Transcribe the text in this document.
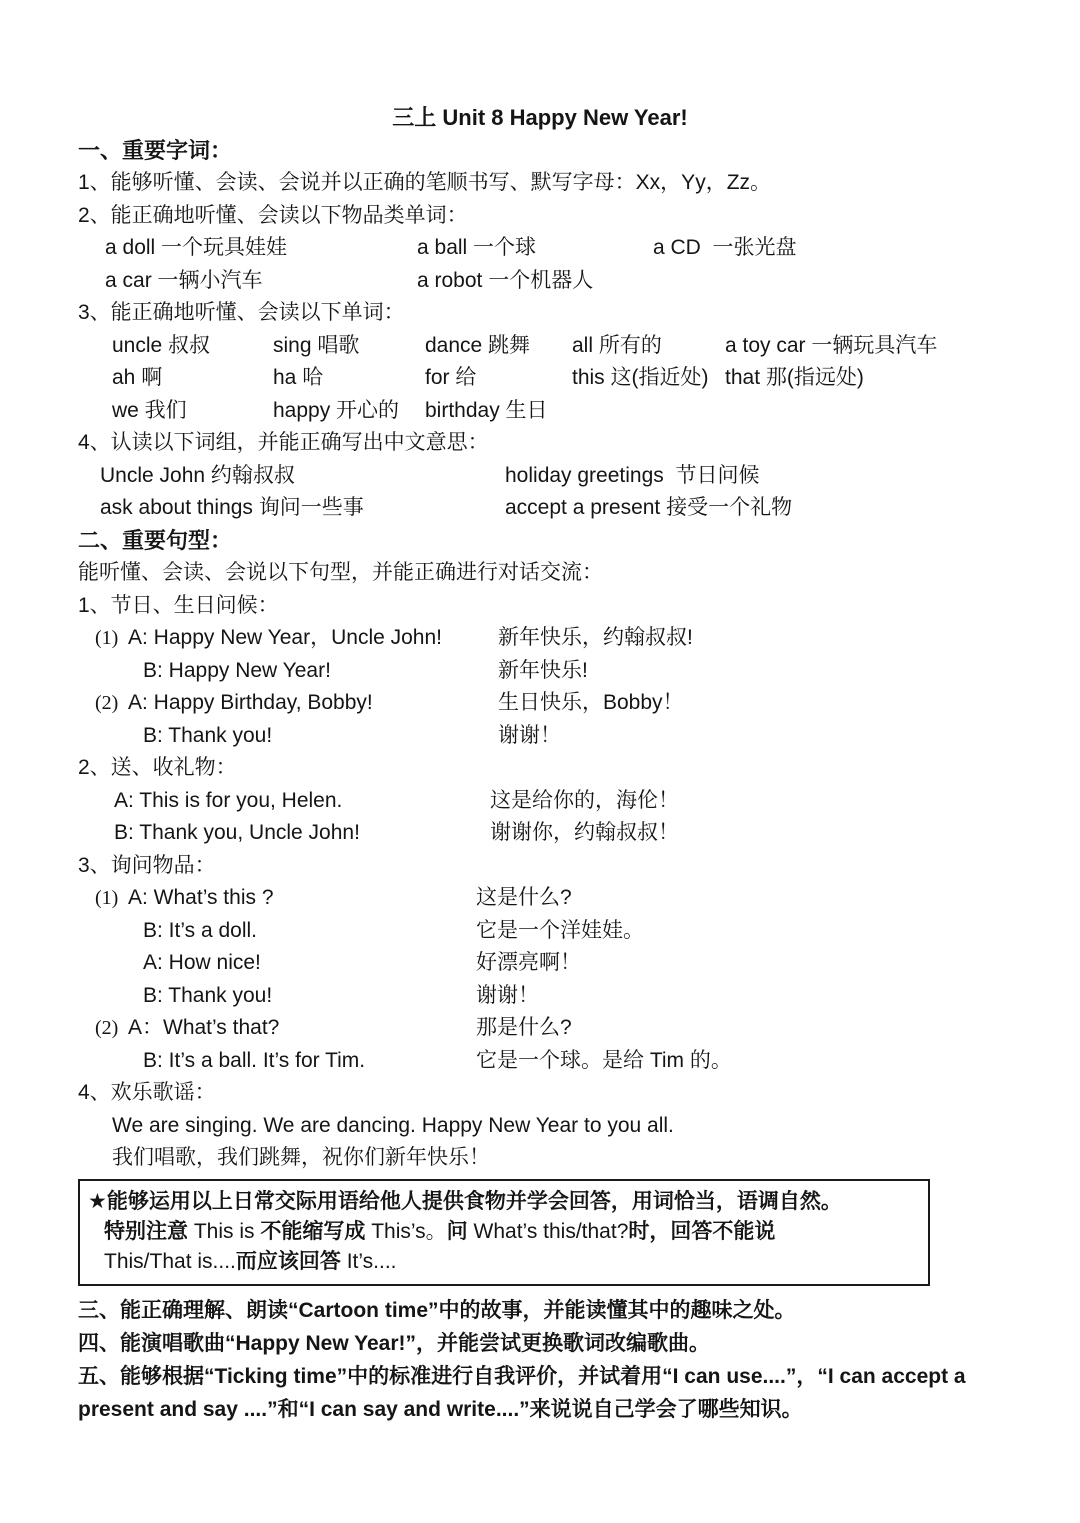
三上 Unit 8 Happy New Year!
一、重要字词：
1、能够听懂、会读、会说并以正确的笔顺书写、默写字母：Xx，Yy，Zz。
2、能正确地听懂、会读以下物品类单词：
a doll 一个玩具娃娃	a ball 一个球	a CD  一张光盘
a car 一辆小汽车	a robot 一个机器人
3、能正确地听懂、会读以下单词：
uncle 叔叔	sing 唱歌	dance 跳舞	all 所有的	a toy car 一辆玩具汽车
ah 啊	ha 哈	for 给	this 这(指近处) that 那(指远处)
we 我们	happy 开心的	birthday 生日
4、认读以下词组，并能正确写出中文意思：
Uncle John 约翰叔叔	holiday greetings  节日问候
ask about things 询问一些事	accept a present 接受一个礼物
二、重要句型：
能听懂、会读、会说以下句型，并能正确进行对话交流：
1、节日、生日问候：
(1) A: Happy New Year，Uncle John!	新年快乐，约翰叔叔!
B: Happy New Year!	新年快乐!
(2) A: Happy Birthday, Bobby!	生日快乐，Bobby！
B: Thank you!	谢谢！
2、送、收礼物：
A: This is for you, Helen.	这是给你的，海伦！
B: Thank you, Uncle John!	谢谢你，约翰叔叔！
3、询问物品：
(1) A: What’s this ?	这是什么?
B: It’s a doll.	它是一个洋娃娃。
A: How nice!	好漂亮啊！
B: Thank you!	谢谢！
(2) A：What’s that?	那是什么?
B: It’s a ball. It’s for Tim.	它是一个球。是给 Tim 的。
4、欢乐歌谣：
We are singing. We are dancing. Happy New Year to you all.
我们唱歌，我们跳舞，祝你们新年快乐！
★能够运用以上日常交际用语给他人提供食物并学会回答，用词恰当，语调自然。
特别注意 This is 不能缩写成 This’s。问 What’s this/that?时，回答不能说
This/That is....而应该回答 It’s....
三、能正确理解、朗读“Cartoon time”中的故事，并能读懂其中的趣味之处。
四、能演唱歌曲“Happy New Year!”，并能尝试更换歌词改编歌曲。
五、能够根据“Ticking time”中的标准进行自我评价，并试着用“I can use....”，“I can accept a present and say ....”和“I can say and write....”来说说自己学会了哪些知识。
